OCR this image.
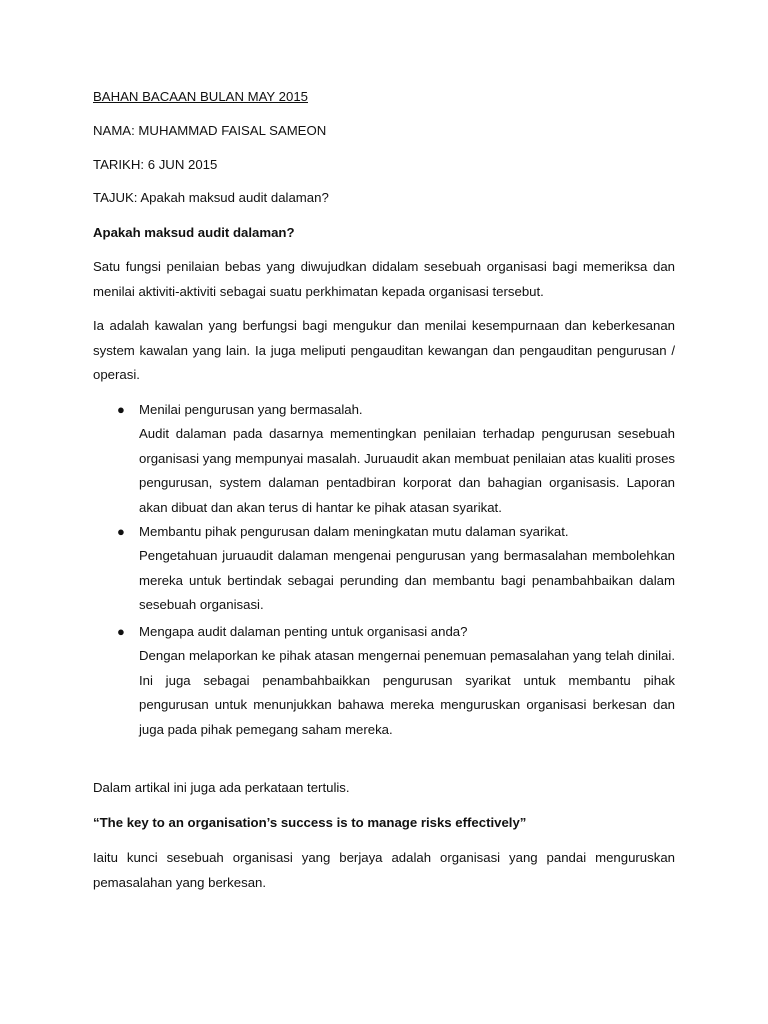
BAHAN BACAAN BULAN MAY 2015
NAMA: MUHAMMAD FAISAL SAMEON
TARIKH: 6 JUN 2015
TAJUK: Apakah maksud audit dalaman?
Apakah maksud audit dalaman?
Satu fungsi penilaian bebas yang diwujudkan didalam sesebuah organisasi bagi memeriksa dan menilai aktiviti-aktiviti sebagai suatu perkhimatan kepada organisasi tersebut.
Ia adalah kawalan yang berfungsi bagi mengukur dan menilai kesempurnaan dan keberkesanan system kawalan yang lain. Ia juga meliputi pengauditan kewangan dan pengauditan pengurusan / operasi.
● Menilai pengurusan yang bermasalah.
Audit dalaman pada dasarnya mementingkan penilaian terhadap pengurusan sesebuah organisasi yang mempunyai masalah. Juruaudit akan membuat penilaian atas kualiti proses pengurusan, system dalaman pentadbiran korporat dan bahagian organisasis. Laporan akan dibuat dan akan terus di hantar ke pihak atasan syarikat.
● Membantu pihak pengurusan dalam meningkatan mutu dalaman syarikat.
Pengetahuan juruaudit dalaman mengenai pengurusan yang bermasalahan membolehkan mereka untuk bertindak sebagai perunding dan membantu bagi penambahbaikan dalam sesebuah organisasi.
● Mengapa audit dalaman penting untuk organisasi anda?
Dengan melaporkan ke pihak atasan mengernai penemuan pemasalahan yang telah dinilai. Ini juga sebagai penambahbaikkan pengurusan syarikat untuk membantu pihak pengurusan untuk menunjukkan bahawa mereka menguruskan organisasi berkesan dan juga pada pihak pemegang saham mereka.
Dalam artikal ini juga ada perkataan tertulis.
“The key to an organisation’s success is to manage risks effectively”
Iaitu kunci sesebuah organisasi yang berjaya adalah organisasi yang pandai menguruskan pemasalahan yang berkesan.
